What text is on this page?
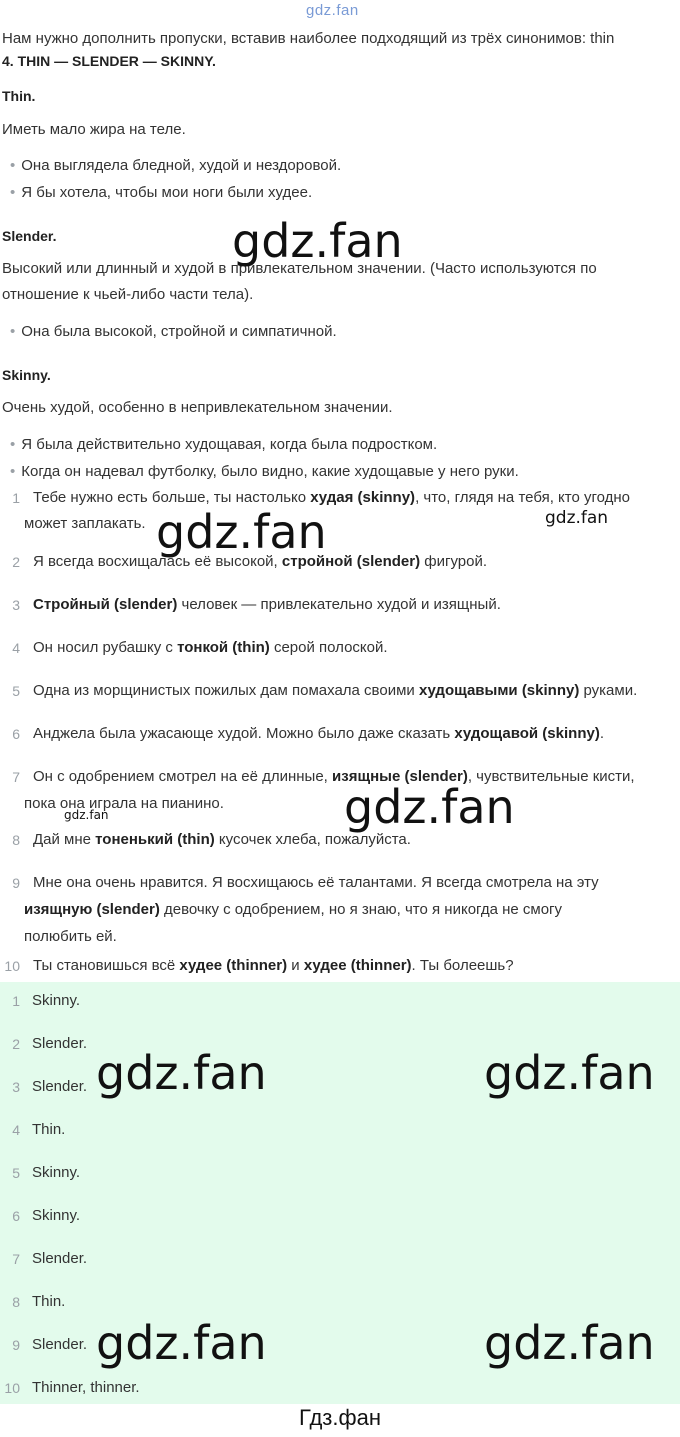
gdz.fan
Нам нужно дополнить пропуски, вставив наиболее подходящий из трёх синонимов: thin
4. THIN — SLENDER — SKINNY.
Thin.
Иметь мало жира на теле.
• Она выглядела бледной, худой и нездоровой.
• Я бы хотела, чтобы мои ноги были худее.
Slender.
Высокий или длинный и худой в привлекательном значении. (Часто используются по
отношение к чьей-либо части тела).
• Она была высокой, стройной и симпатичной.
Skinny.
Очень худой, особенно в непривлекательном значении.
• Я была действительно худощавая, когда была подростком.
• Когда он надевал футболку, было видно, какие худощавые у него руки.
1 Тебе нужно есть больше, ты настолько худая (skinny), что, глядя на тебя, кто угодно
может заплакать.
2 Я всегда восхищалась её высокой, стройной (slender) фигурой.
3 Стройный (slender) человек — привлекательно худой и изящный.
4 Он носил рубашку с тонкой (thin) серой полоской.
5 Одна из морщинистых пожилых дам помахала своими худощавыми (skinny) руками.
6 Анджела была ужасающе худой. Можно было даже сказать худощавой (skinny).
7 Он с одобрением смотрел на её длинные, изящные (slender), чувствительные кисти,
пока она играла на пианино.
8 Дай мне тоненький (thin) кусочек хлеба, пожалуйста.
9 Мне она очень нравится. Я восхищаюсь её талантами. Я всегда смотрела на эту
изящную (slender) девочку с одобрением, но я знаю, что я никогда не смогу
полюбить ей.
10 Ты становишься всё худее (thinner) и худее (thinner). Ты болеешь?
1 Skinny.
2 Slender.
3 Slender.
4 Thin.
5 Skinny.
6 Skinny.
7 Slender.
8 Thin.
9 Slender.
10 Thinner, thinner.
gdz.fan
gdz.fan	gdz.fan
gdz.fan
gdz.fan
gdz.fan	gdz.fan
gdz.fan	gdz.fan
Гдз.фан
